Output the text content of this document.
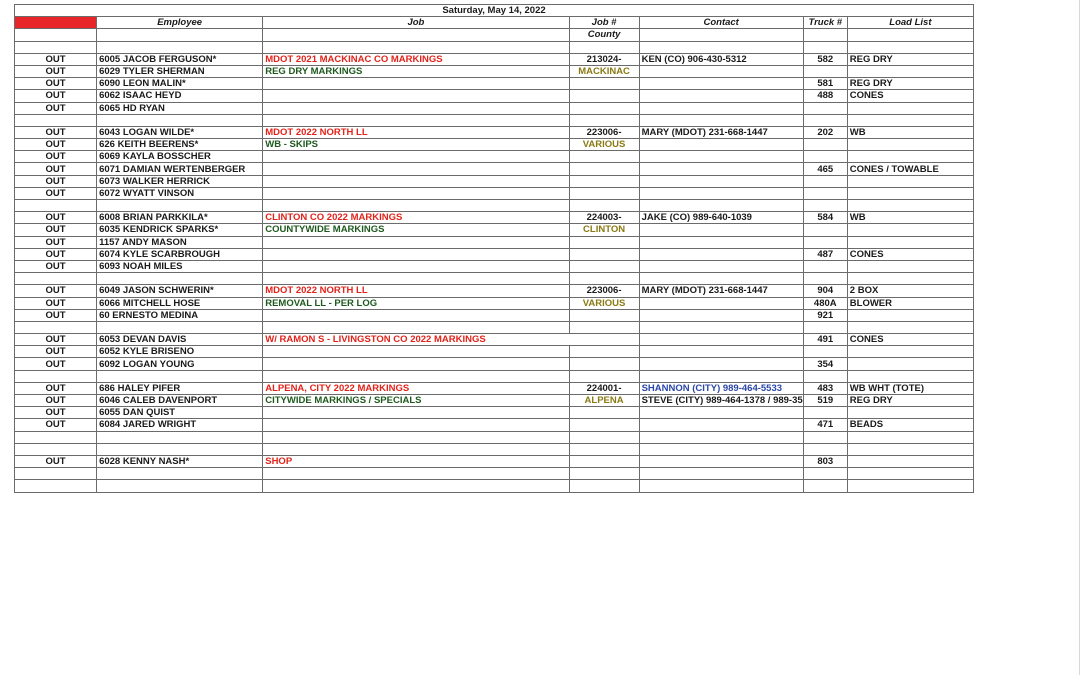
Saturday, May 14, 2022						
Time	Employee	Job	Job #	Contact	Truck #	Load List
			County			

OUT	6005 JACOB FERGUSON*	MDOT 2021 MACKINAC CO MARKINGS	213024-	KEN (CO) 906-430-5312	582	REG DRY
OUT	6029 TYLER SHERMAN	REG DRY MARKINGS	MACKINAC			
OUT	6090 LEON MALIN*				581	REG DRY
OUT	6062 ISAAC HEYD				488	CONES
OUT	6065 HD RYAN					

OUT	6043 LOGAN WILDE*	MDOT 2022 NORTH LL	223006-	MARY (MDOT) 231-668-1447	202	WB
OUT	626 KEITH BEERENS*	WB - SKIPS	VARIOUS			
OUT	6069 KAYLA BOSSCHER					
OUT	6071 DAMIAN WERTENBERGER				465	CONES / TOWABLE
OUT	6073 WALKER HERRICK					
OUT	6072 WYATT VINSON					

OUT	6008 BRIAN PARKKILA*	CLINTON CO 2022 MARKINGS	224003-	JAKE (CO) 989-640-1039	584	WB
OUT	6035 KENDRICK SPARKS*	COUNTYWIDE MARKINGS	CLINTON			
OUT	1157 ANDY MASON					
OUT	6074 KYLE SCARBROUGH				487	CONES
OUT	6093 NOAH MILES					

OUT	6049 JASON SCHWERIN*	MDOT 2022 NORTH LL	223006-	MARY (MDOT) 231-668-1447	904	2 BOX
OUT	6066 MITCHELL HOSE	REMOVAL LL - PER LOG	VARIOUS		480A	BLOWER
OUT	60 ERNESTO MEDINA				921	

OUT	6053 DEVAN DAVIS	W/ RAMON S - LIVINGSTON CO 2022 MARKINGS			491	CONES
OUT	6052 KYLE BRISENO					
OUT	6092 LOGAN YOUNG				354	

OUT	686 HALEY PIFER	ALPENA, CITY 2022 MARKINGS	224001-	SHANNON (CITY) 989-464-5533	483	WB WHT (TOTE)
OUT	6046 CALEB DAVENPORT	CITYWIDE MARKINGS / SPECIALS	ALPENA	STEVE (CITY) 989-464-1378 / 989-35	519	REG DRY
OUT	6055 DAN QUIST					
OUT	6084 JARED WRIGHT				471	BEADS

OUT	6028 KENNY NASH*	SHOP			803	
